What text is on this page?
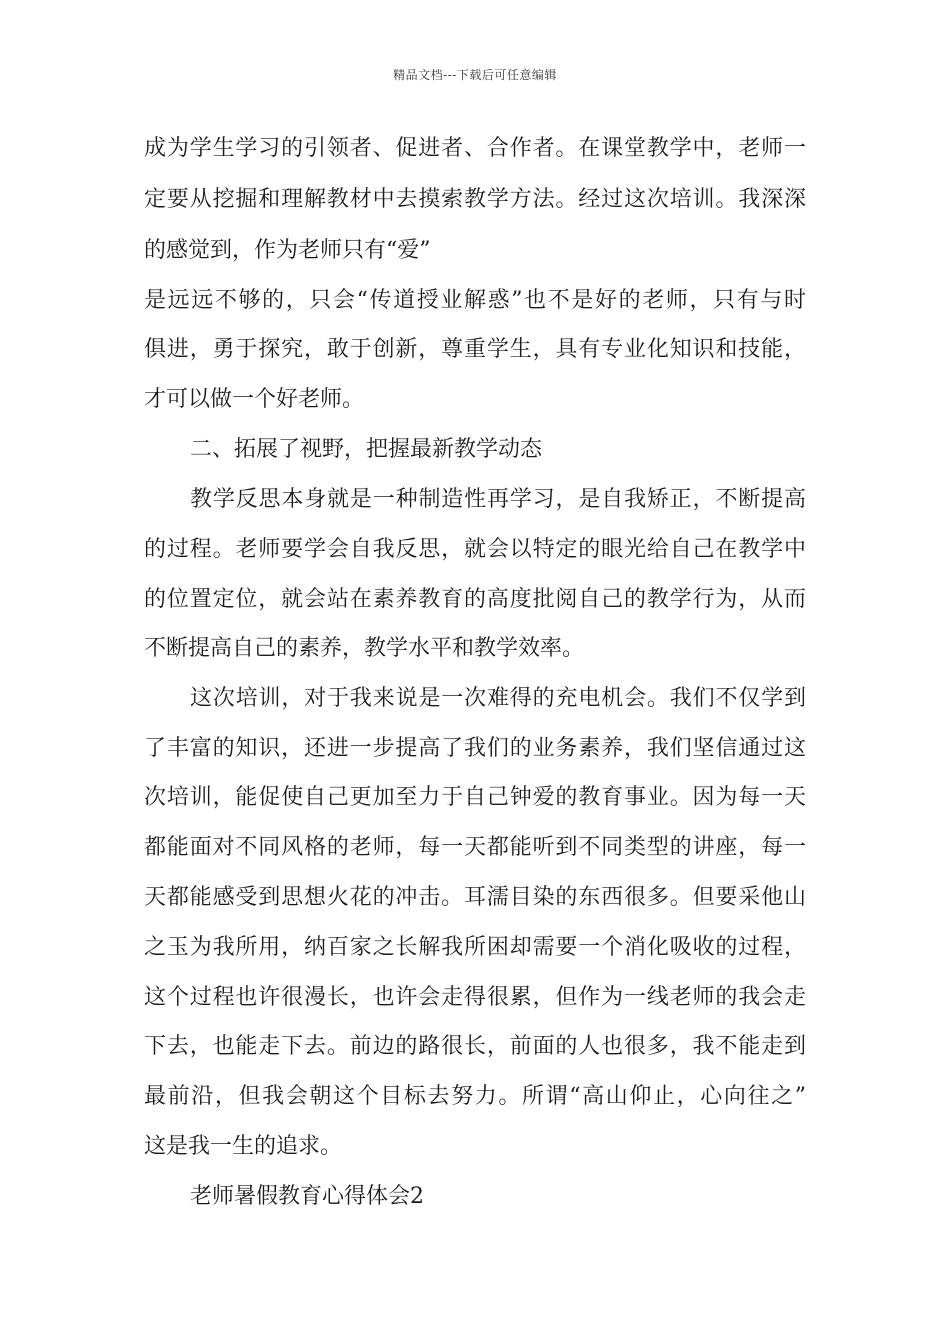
精品文档---下载后可任意编辑
成为学生学习的引领者、促进者、合作者。在课堂教学中，老师一
定要从挖掘和理解教材中去摸索教学方法。经过这次培训。我深深
的感觉到，作为老师只有“爱”
是远远不够的，只会“传道授业解惑”也不是好的老师，只有与时
俱进，勇于探究，敢于创新，尊重学生，具有专业化知识和技能，
才可以做一个好老师。
二、拓展了视野，把握最新教学动态
教学反思本身就是一种制造性再学习，是自我矫正，不断提高
的过程。老师要学会自我反思，就会以特定的眼光给自己在教学中
的位置定位，就会站在素养教育的高度批阅自己的教学行为，从而
不断提高自己的素养，教学水平和教学效率。
这次培训，对于我来说是一次难得的充电机会。我们不仅学到
了丰富的知识，还进一步提高了我们的业务素养，我们坚信通过这
次培训，能促使自己更加至力于自己钟爱的教育事业。因为每一天
都能面对不同风格的老师，每一天都能听到不同类型的讲座，每一
天都能感受到思想火花的冲击。耳濡目染的东西很多。但要采他山
之玉为我所用，纳百家之长解我所困却需要一个消化吸收的过程，
这个过程也许很漫长，也许会走得很累，但作为一线老师的我会走
下去，也能走下去。前边的路很长，前面的人也很多，我不能走到
最前沿，但我会朝这个目标去努力。所谓“高山仰止，心向往之”
这是我一生的追求。
老师暑假教育心得体会2
